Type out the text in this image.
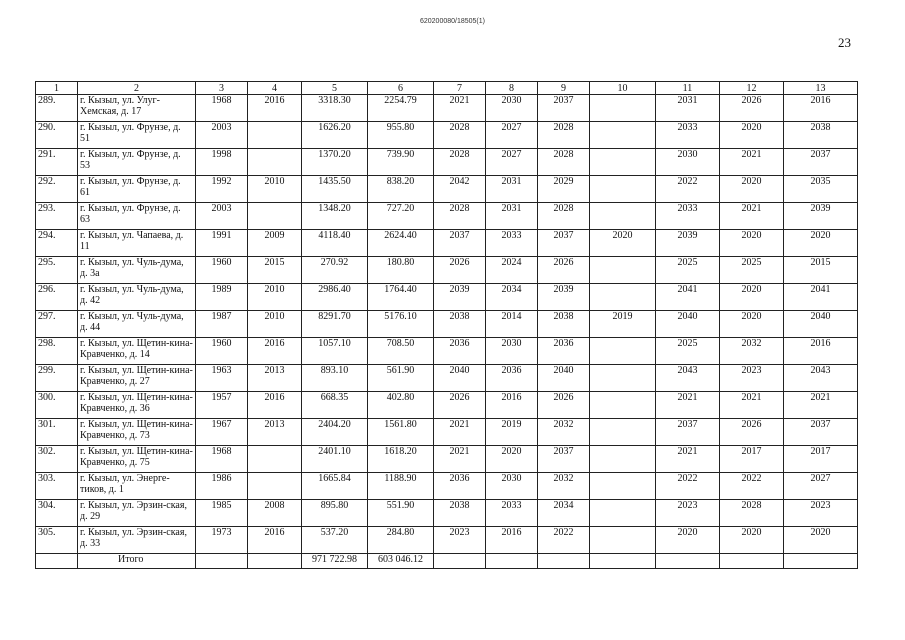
620200080/18505(1)
23
1	2	3	4	5	6	7	8	9	10	11	12	13
289.	г. Кызыл, ул. Улуг-Хемская, д. 17	1968	2016	3318.30	2254.79	2021	2030	2037		2031	2026	2016
290.	г. Кызыл, ул. Фрунзе, д. 51	2003		1626.20	955.80	2028	2027	2028		2033	2020	2038
291.	г. Кызыл, ул. Фрунзе, д. 53	1998		1370.20	739.90	2028	2027	2028		2030	2021	2037
292.	г. Кызыл, ул. Фрунзе, д. 61	1992	2010	1435.50	838.20	2042	2031	2029		2022	2020	2035
293.	г. Кызыл, ул. Фрунзе, д. 63	2003		1348.20	727.20	2028	2031	2028		2033	2021	2039
294.	г. Кызыл, ул. Чапаева, д. 11	1991	2009	4118.40	2624.40	2037	2033	2037	2020	2039	2020	2020
295.	г. Кызыл, ул. Чуль-дума, д. 3а	1960	2015	270.92	180.80	2026	2024	2026		2025	2025	2015
296.	г. Кызыл, ул. Чуль-дума, д. 42	1989	2010	2986.40	1764.40	2039	2034	2039		2041	2020	2041
297.	г. Кызыл, ул. Чуль-дума, д. 44	1987	2010	8291.70	5176.10	2038	2014	2038	2019	2040	2020	2040
298.	г. Кызыл, ул. Щетин-кина-Кравченко, д. 14	1960	2016	1057.10	708.50	2036	2030	2036		2025	2032	2016
299.	г. Кызыл, ул. Щетин-кина-Кравченко, д. 27	1963	2013	893.10	561.90	2040	2036	2040		2043	2023	2043
300.	г. Кызыл, ул. Щетин-кина-Кравченко, д. 36	1957	2016	668.35	402.80	2026	2016	2026		2021	2021	2021
301.	г. Кызыл, ул. Щетин-кина-Кравченко, д. 73	1967	2013	2404.20	1561.80	2021	2019	2032		2037	2026	2037
302.	г. Кызыл, ул. Щетин-кина-Кравченко, д. 75	1968		2401.10	1618.20	2021	2020	2037		2021	2017	2017
303.	г. Кызыл, ул. Энерге-тиков, д. 1	1986		1665.84	1188.90	2036	2030	2032		2022	2022	2027
304.	г. Кызыл, ул. Эрзин-ская, д. 29	1985	2008	895.80	551.90	2038	2033	2034		2023	2028	2023
305.	г. Кызыл, ул. Эрзин-ская, д. 33	1973	2016	537.20	284.80	2023	2016	2022		2020	2020	2020
	Итого			971 722.98	603 046.12							
